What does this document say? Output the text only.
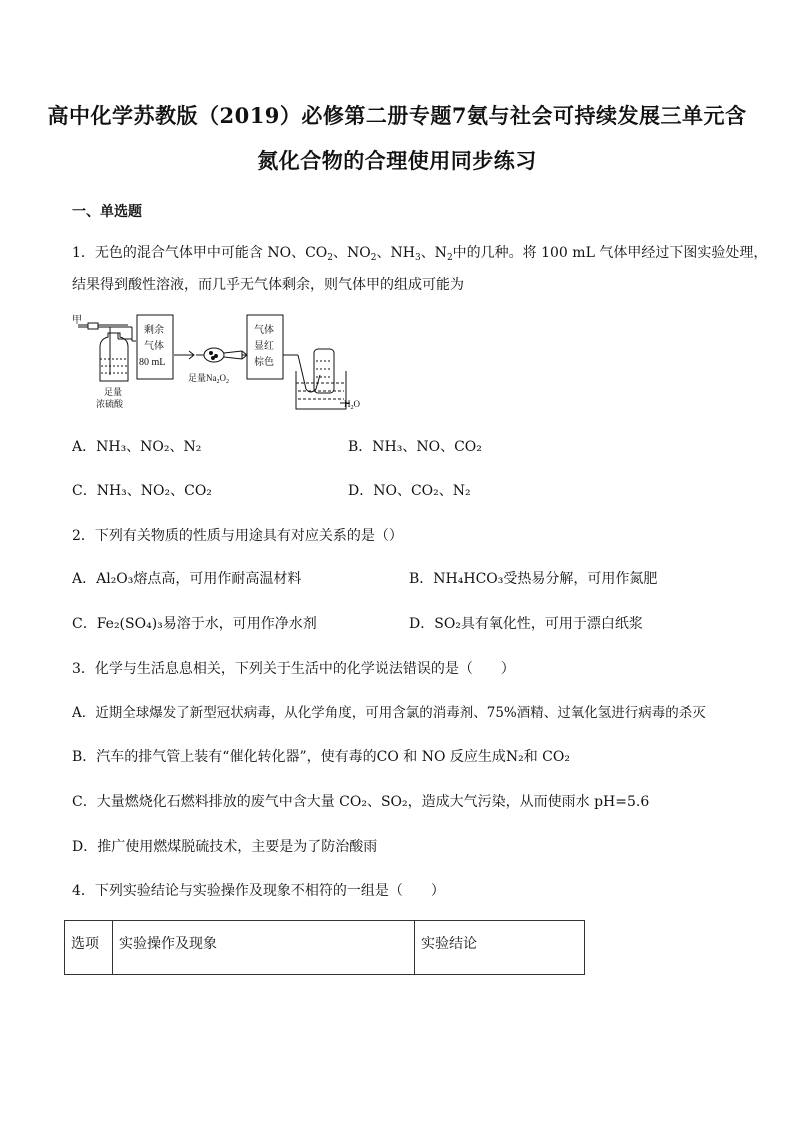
高中化学苏教版（2019）必修第二册专题7氨与社会可持续发展三单元含
氮化合物的合理使用同步练习
一、单选题
1．无色的混合气体甲中可能含 NO、$CO_2$、$NO_2$、$NH_3$、$N_2$中的几种。将 100 mL 气体甲经过下图实验处理，
结果得到酸性溶液，而几乎无气体剩余，则气体甲的组成可能为
甲
足量
浓硫酸
剩余
气体
80 mL
足量$Na_2O_2$
气体
显红
棕色
$H_2O$
A．NH₃、NO₂、N₂	B．NH₃、NO、CO₂
C．NH₃、NO₂、CO₂	D．NO、CO₂、N₂
2．下列有关物质的性质与用途具有对应关系的是（）
A．Al₂O₃熔点高，可用作耐高温材料	B．NH₄HCO₃受热易分解，可用作氮肥
C．Fe₂(SO₄)₃易溶于水，可用作净水剂	D．SO₂具有氧化性，可用于漂白纸浆
3．化学与生活息息相关，下列关于生活中的化学说法错误的是（　　）
A．近期全球爆发了新型冠状病毒，从化学角度，可用含氯的消毒剂、75%酒精、过氧化氢进行病毒的杀灭
B．汽车的排气管上装有“催化转化器”，使有毒的CO 和 NO 反应生成N₂和 CO₂
C．大量燃烧化石燃料排放的废气中含大量 CO₂、SO₂，造成大气污染，从而使雨水 pH=5.6
D．推广使用燃煤脱硫技术，主要是为了防治酸雨
4．下列实验结论与实验操作及现象不相符的一组是（　　）
选项	实验操作及现象	实验结论
